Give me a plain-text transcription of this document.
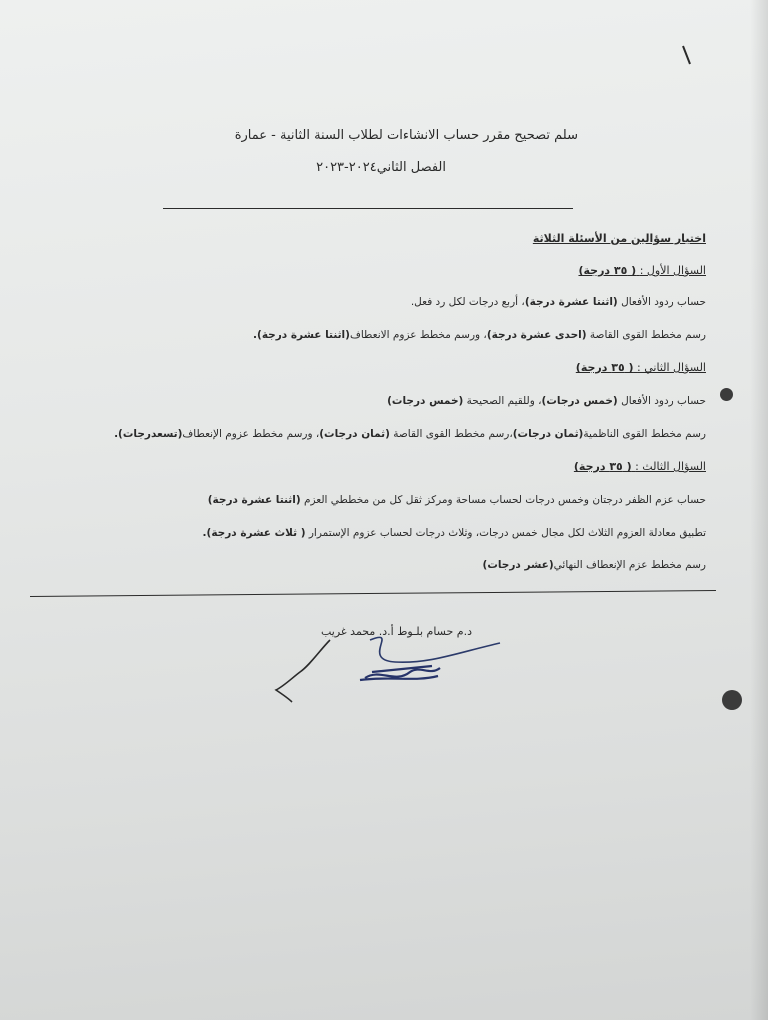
سلم تصحيح مقرر حساب الانشاءات لطلاب السنة الثانية - عمارة
الفصل الثاني٢٠٢٤-٢٠٢٣
اختيار سؤالين من الأسئلة الثلاثة
السؤال الأول : ( ٣٥ درجة)
حساب ردود الأفعال (اثنتا عشرة درجة)، أربع درجات لكل رد فعل.
رسم مخطط القوى القاصة (احدى عشرة درجة)، ورسم مخطط عزوم الانعطاف(اثنتا عشرة درجة).
السؤال الثاني : ( ٣٥ درجة)
حساب ردود الأفعال (خمس درجات)، وللقيم الصحيحة (خمس درجات)
رسم مخطط القوى الناظمية(ثمان درجات)،رسم مخطط القوى القاصة (ثمان درجات)، ورسم مخطط عزوم الإنعطاف(تسعدرجات).
السؤال الثالث : ( ٣٥ درجة)
حساب عزم الظفر درجتان وخمس درجات لحساب مساحة ومركز ثقل كل من مخططي العزم (اثنتا عشرة درجة)
تطبيق معادلة العزوم الثلاث لكل مجال خمس درجات، وثلاث درجات لحساب عزوم الإستمرار ( ثلاث عشرة درجة).
رسم مخطط عزم الإنعطاف النهائي(عشر درجات)
د.م حسام بلـوط أ.د. محمد غريب
